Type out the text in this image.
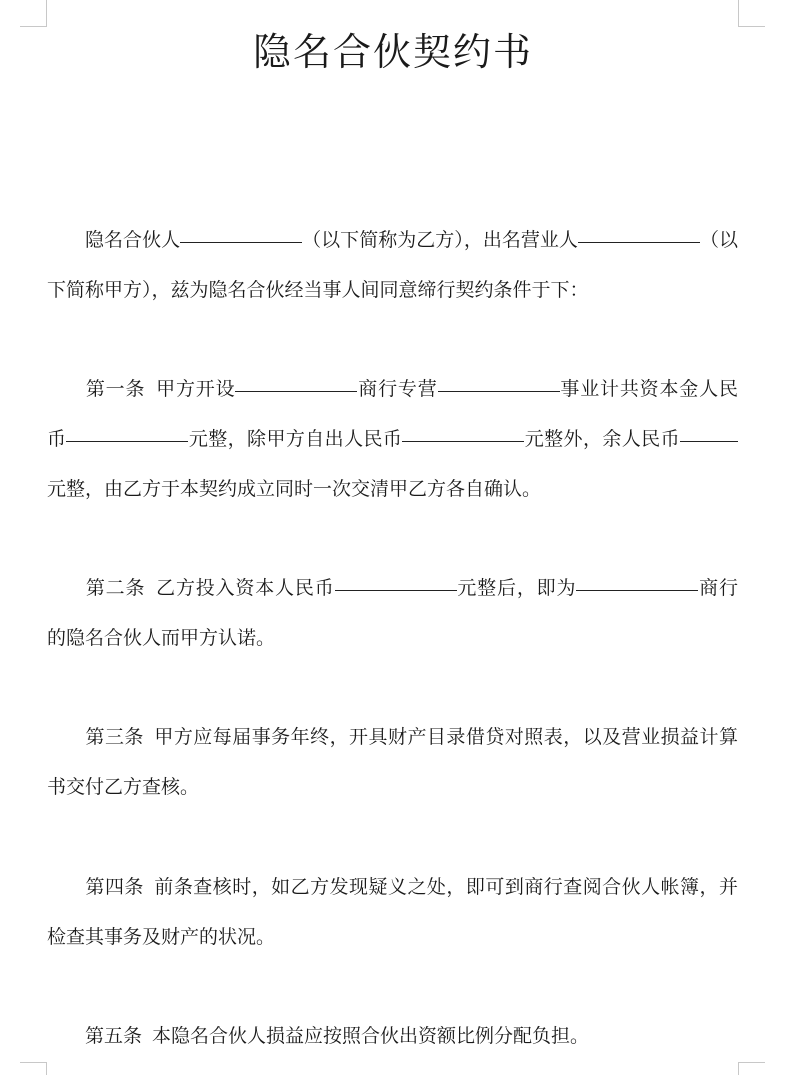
隐名合伙契约书

隐名合伙人	（以下简称为乙方），出名营业人	（以下简称甲方），兹为隐名合伙经当事人间同意缔行契约条件于下：

第一条 甲方开设	商行专营	事业计共资本金人民币	元整，除甲方自出人民币	元整外，余人民币元整，由乙方于本契约成立同时一次交清甲乙方各自确认。

第二条 乙方投入资本人民币	元整后，即为	商行的隐名合伙人而甲方认诺。

第三条 甲方应每届事务年终，开具财产目录借贷对照表，以及营业损益计算书交付乙方查核。

第四条 前条查核时，如乙方发现疑义之处，即可到商行查阅合伙人帐簿，并检查其事务及财产的状况。

第五条 本隐名合伙人损益应按照合伙出资额比例分配负担。
